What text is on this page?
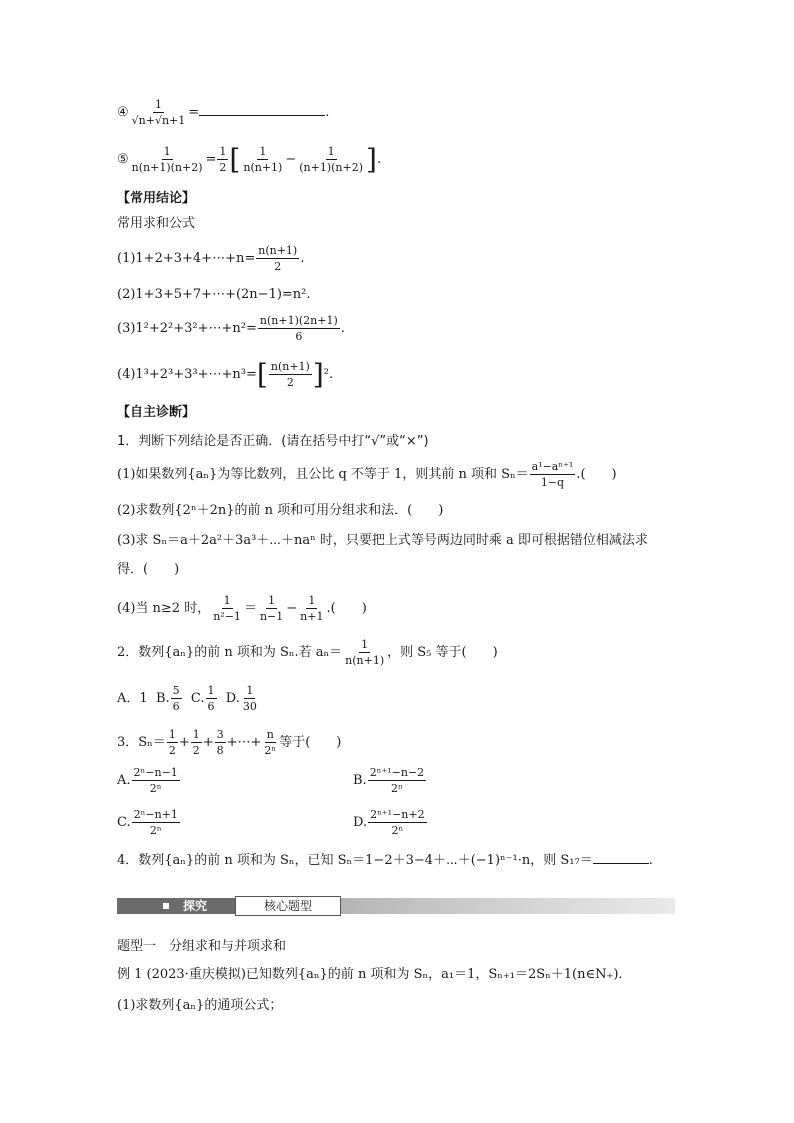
④ $\frac{1}{√n+√n+1}$ =	.
⑤ $\frac{1}{n(n+1)(n+2)} = \frac{1}{2}$ [ $\frac{1}{n(n+1)} - \frac{1}{(n+1)(n+2)}$ ].
【常用结论】
常用求和公式
(1)1+2+3+4+⋯+n= $\frac{n(n+1)}{2}$ .
(2)1+3+5+7+⋯+(2n−1)=n².
(3)1²+2²+3²+⋯+n²= $\frac{n(n+1)(2n+1)}{6}$ .
(4)1³+2³+3³+⋯+n³=[ $\frac{n(n+1)}{2} ]^2$.
【自主诊断】
1．判断下列结论是否正确．(请在括号中打“√”或“×”)
(1)如果数列{aₙ}为等比数列，且公比 q 不等于 1，则其前 n 项和 $S_n= \frac{\text{a¹−aⁿ⁺¹}}{1-q}$ .(　　)
(2)求数列{2ⁿ＋2n}的前 n 项和可用分组求和法．(　　)
(3)求 Sₙ＝a＋2a²＋3a³＋⋯＋naⁿ 时，只要把上式等号两边同时乘 a 即可根据错位相减法求
得．(　　)
(4)当 n≥2 时， $\frac{1}{\text{n²−1}} = \frac{1}{n-1} - \frac{1}{n+1}$ .(　　)
2．数列{aₙ}的前 n 项和为 Sₙ.若 $a_n= \frac{1}{n(n+1)}$ ，则 S₅ 等于(　　)
A．1 B. $\frac{5}{6} C$. $\frac{1}{6} D$. $\frac{1}{30}$
3．$S_n= \frac{1}{2} + \frac{1}{2} + \frac{3}{8}$ +⋯+ $\frac{n}{\text{2ⁿ}}$ 等于(　　)
A. $\frac{\text{2ⁿ−n−1}}{\text{2ⁿ}}$	B. $\frac{\text{2ⁿ⁺¹−n−2}}{\text{2ⁿ}}$
C. $\frac{\text{2ⁿ−n+1}}{\text{2ⁿ}}$	D. $\frac{\text{2ⁿ⁺¹−n+2}}{\text{2ⁿ}}$
4．数列{aₙ}的前 n 项和为 Sₙ，已知 Sₙ＝1−2＋3−4＋⋯＋(−1)ⁿ⁻¹·n，则 S₁₇＝	.
探究	核心题型
题型一　分组求和与并项求和
例 1 (2023·重庆模拟)已知数列{aₙ}的前 n 项和为 Sₙ，a₁＝1，Sₙ₊₁＝2Sₙ＋1(n∈N₊)．
(1)求数列{aₙ}的通项公式；
